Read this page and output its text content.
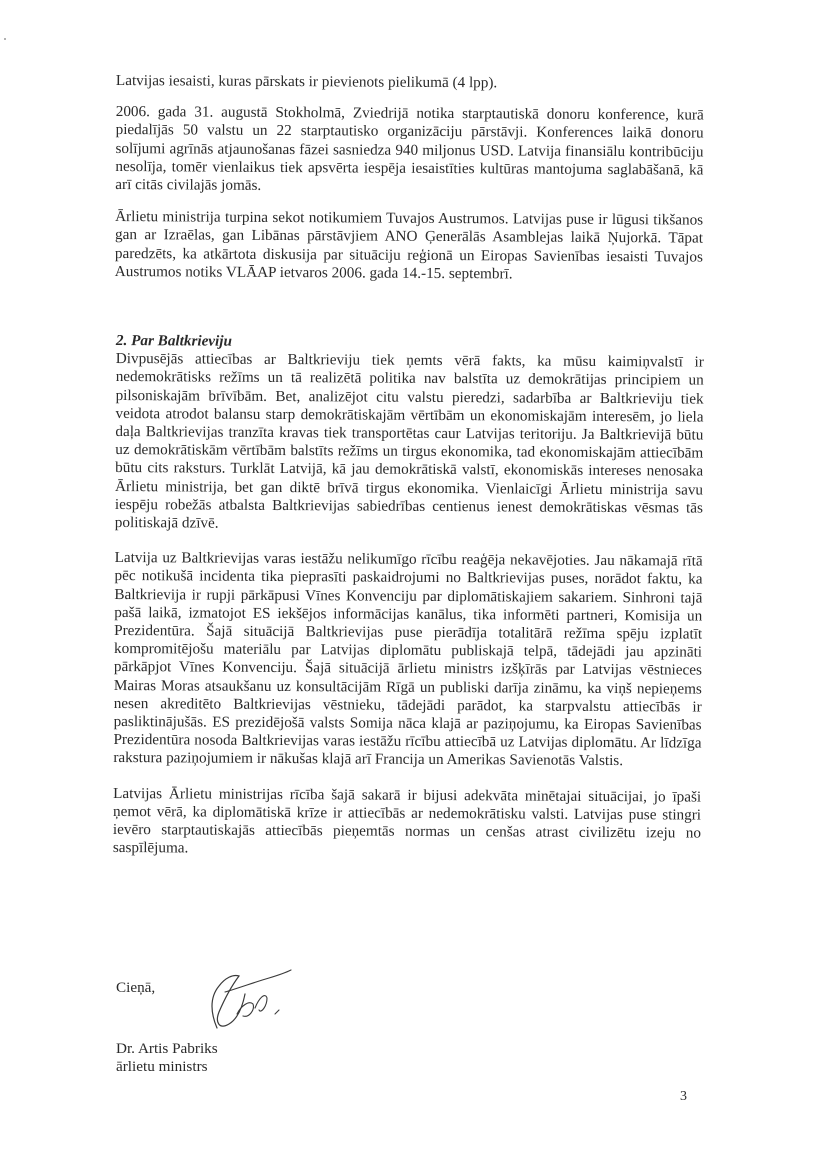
Latvijas iesaisti, kuras pārskats ir pievienots pielikumā (4 lpp).

2006. gada 31. augustā Stokholmā, Zviedrijā notika starptautiskā donoru konference, kurā piedalījās 50 valstu un 22 starptautisko organizāciju pārstāvji. Konferences laikā donoru solījumi agrīnās atjaunošanas fāzei sasniedza 940 miljonus USD. Latvija finansiālu kontribūciju nesolīja, tomēr vienlaikus tiek apsvērta iespēja iesaistīties kultūras mantojuma saglabāšanā, kā arī citās civilajās jomās.

Ārlietu ministrija turpina sekot notikumiem Tuvajos Austrumos. Latvijas puse ir lūgusi tikšanos gan ar Izraēlas, gan Libānas pārstāvjiem ANO Ģenerālās Asamblejas laikā Ņujorkā. Tāpat paredzēts, ka atkārtota diskusija par situāciju reģionā un Eiropas Savienības iesaisti Tuvajos Austrumos notiks VLĀAP ietvaros 2006. gada 14.-15. septembrī.

2. Par Baltkrieviju

Divpusējās attiecības ar Baltkrieviju tiek ņemts vērā fakts, ka mūsu kaimiņvalstī ir nedemokrātisks režīms un tā realizētā politika nav balstīta uz demokrātijas principiem un pilsoniskajām brīvībām. Bet, analizējot citu valstu pieredzi, sadarbība ar Baltkrieviju tiek veidota atrodot balansu starp demokrātiskajām vērtībām un ekonomiskajām interesēm, jo liela daļa Baltkrievijas tranzīta kravas tiek transportētas caur Latvijas teritoriju. Ja Baltkrievijā būtu uz demokrātiskām vērtībām balstīts režīms un tirgus ekonomika, tad ekonomiskajām attiecībām būtu cits raksturs. Turklāt Latvijā, kā jau demokrātiskā valstī, ekonomiskās intereses nenosaka Ārlietu ministrija, bet gan diktē brīvā tirgus ekonomika. Vienlaicīgi Ārlietu ministrija savu iespēju robežās atbalsta Baltkrievijas sabiedrības centienus ienest demokrātiskas vēsmas tās politiskajā dzīvē.

Latvija uz Baltkrievijas varas iestāžu nelikumīgo rīcību reaģēja nekavējoties. Jau nākamajā rītā pēc notikušā incidenta tika pieprasīti paskaidrojumi no Baltkrievijas puses, norādot faktu, ka Baltkrievija ir rupji pārkāpusi Vīnes Konvenciju par diplomātiskajiem sakariem. Sinhroni tajā pašā laikā, izmatojot ES iekšējos informācijas kanālus, tika informēti partneri, Komisija un Prezidentūra. Šajā situācijā Baltkrievijas puse pierādīja totalitārā režīma spēju izplatīt kompromitējošu materiālu par Latvijas diplomātu publiskajā telpā, tādejādi jau apzināti pārkāpjot Vīnes Konvenciju. Šajā situācijā ārlietu ministrs izšķīrās par Latvijas vēstnieces Mairas Moras atsaukšanu uz konsultācijām Rīgā un publiski darīja zināmu, ka viņš nepieņems nesen akreditēto Baltkrievijas vēstnieku, tādejādi parādot, ka starpvalstu attiecībās ir pasliktinājušās. ES prezidējošā valsts Somija nāca klajā ar paziņojumu, ka Eiropas Savienības Prezidentūra nosoda Baltkrievijas varas iestāžu rīcību attiecībā uz Latvijas diplomātu. Ar līdzīga rakstura paziņojumiem ir nākušas klajā arī Francija un Amerikas Savienotās Valstis.

Latvijas Ārlietu ministrijas rīcība šajā sakarā ir bijusi adekvāta minētajai situācijai, jo īpaši ņemot vērā, ka diplomātiskā krīze ir attiecībās ar nedemokrātisku valsti. Latvijas puse stingri ievēro starptautiskajās attiecībās pieņemtās normas un cenšas atrast civilizētu izeju no saspīlējuma.

Cieņā,
Dr. Artis Pabriks
ārlietu ministrs
3
